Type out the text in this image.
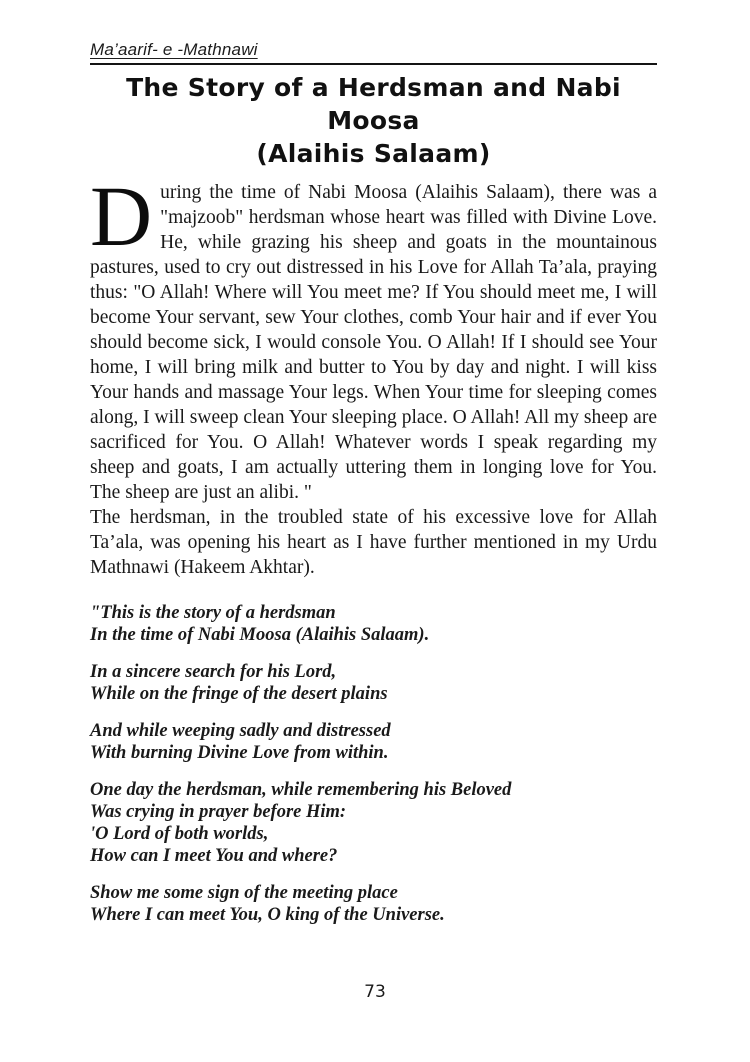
Ma’aarif- e -Mathnawi
The Story of a Herdsman and Nabi Moosa
(Alaihis Salaam)

During the time of Nabi Moosa (Alaihis Salaam), there was a "majzoob" herdsman whose heart was filled with Divine Love. He, while grazing his sheep and goats in the mountainous pastures, used to cry out distressed in his Love for Allah Ta’ala, praying thus: "O Allah! Where will You meet me? If You should meet me, I will become Your servant, sew Your clothes, comb Your hair and if ever You should become sick, I would console You. O Allah! If I should see Your home, I will bring milk and butter to You by day and night. I will kiss Your hands and massage Your legs. When Your time for sleeping comes along, I will sweep clean Your sleeping place. O Allah! All my sheep are sacrificed for You. O Allah! Whatever words I speak regarding my sheep and goats, I am actually uttering them in longing love for You. The sheep are just an alibi. "

The herdsman, in the troubled state of his excessive love for Allah Ta’ala, was opening his heart as I have further mentioned in my Urdu Mathnawi (Hakeem Akhtar).

"This is the story of a herdsman
In the time of Nabi Moosa (Alaihis Salaam).
In a sincere search for his Lord,
While on the fringe of the desert plains
And while weeping sadly and distressed
With burning Divine Love from within.
One day the herdsman, while remembering his Beloved
Was crying in prayer before Him:
'O Lord of both worlds,
How can I meet You and where?
Show me some sign of the meeting place
Where I can meet You, O king of the Universe.
73
